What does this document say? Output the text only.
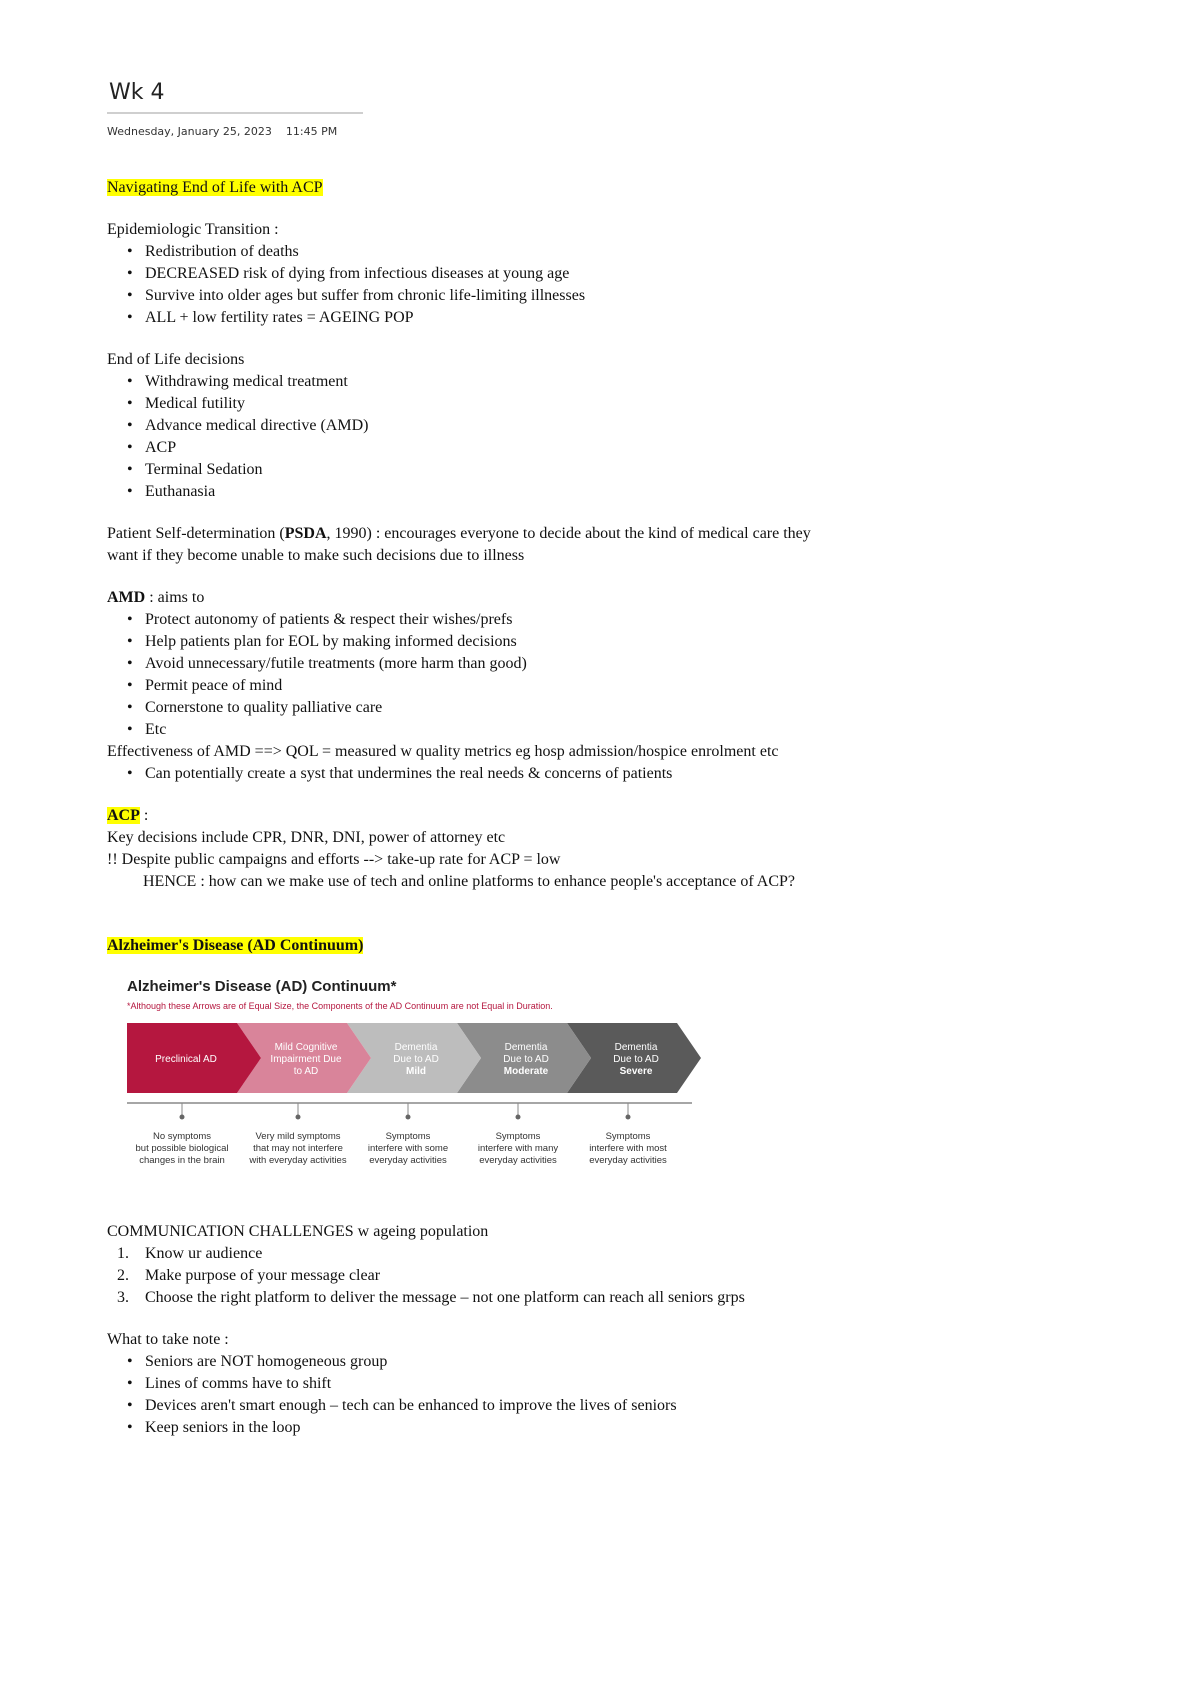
Wk 4
Wednesday, January 25, 2023 11:45 PM

Navigating End of Life with ACP

Epidemiologic Transition :

• Redistribution of deaths
• DECREASED risk of dying from infectious diseases at young age
• Survive into older ages but suffer from chronic life-limiting illnesses
• ALL + low fertility rates = AGEING POP

End of Life decisions

• Withdrawing medical treatment
• Medical futility
• Advance medical directive (AMD)
• ACP
• Terminal Sedation
• Euthanasia

Patient Self-determination (PSDA, 1990) : encourages everyone to decide about the kind of medical care they

want if they become unable to make such decisions due to illness

AMD : aims to

• Protect autonomy of patients & respect their wishes/prefs
• Help patients plan for EOL by making informed decisions
• Avoid unnecessary/futile treatments (more harm than good)
• Permit peace of mind
• Cornerstone to quality palliative care
• Etc

Effectiveness of AMD ==> QOL = measured w quality metrics eg hosp admission/hospice enrolment etc

• Can potentially create a syst that undermines the real needs & concerns of patients

ACP :

Key decisions include CPR, DNR, DNI, power of attorney etc

!! Despite public campaigns and efforts --> take-up rate for ACP = low

HENCE : how can we make use of tech and online platforms to enhance people's acceptance of ACP?

Alzheimer's Disease (AD Continuum)

Alzheimer's Disease (AD) Continuum*
*Although these Arrows are of Equal Size, the Components of the AD Continuum are not Equal in Duration.
Preclinical AD
Mild Cognitive
Impairment Due
to AD
Dementia
Due to AD
Mild
Dementia
Due to AD
Moderate
Dementia
Due to AD
Severe
No symptoms
but possible biological
changes in the brain
Very mild symptoms
that may not interfere
with everyday activities
Symptoms
interfere with some
everyday activities
Symptoms
interfere with many
everyday activities
Symptoms
interfere with most
everyday activities

COMMUNICATION CHALLENGES w ageing population

1. Know ur audience
2. Make purpose of your message clear
3. Choose the right platform to deliver the message – not one platform can reach all seniors grps

What to take note :

• Seniors are NOT homogeneous group
• Lines of comms have to shift
• Devices aren't smart enough – tech can be enhanced to improve the lives of seniors
• Keep seniors in the loop
